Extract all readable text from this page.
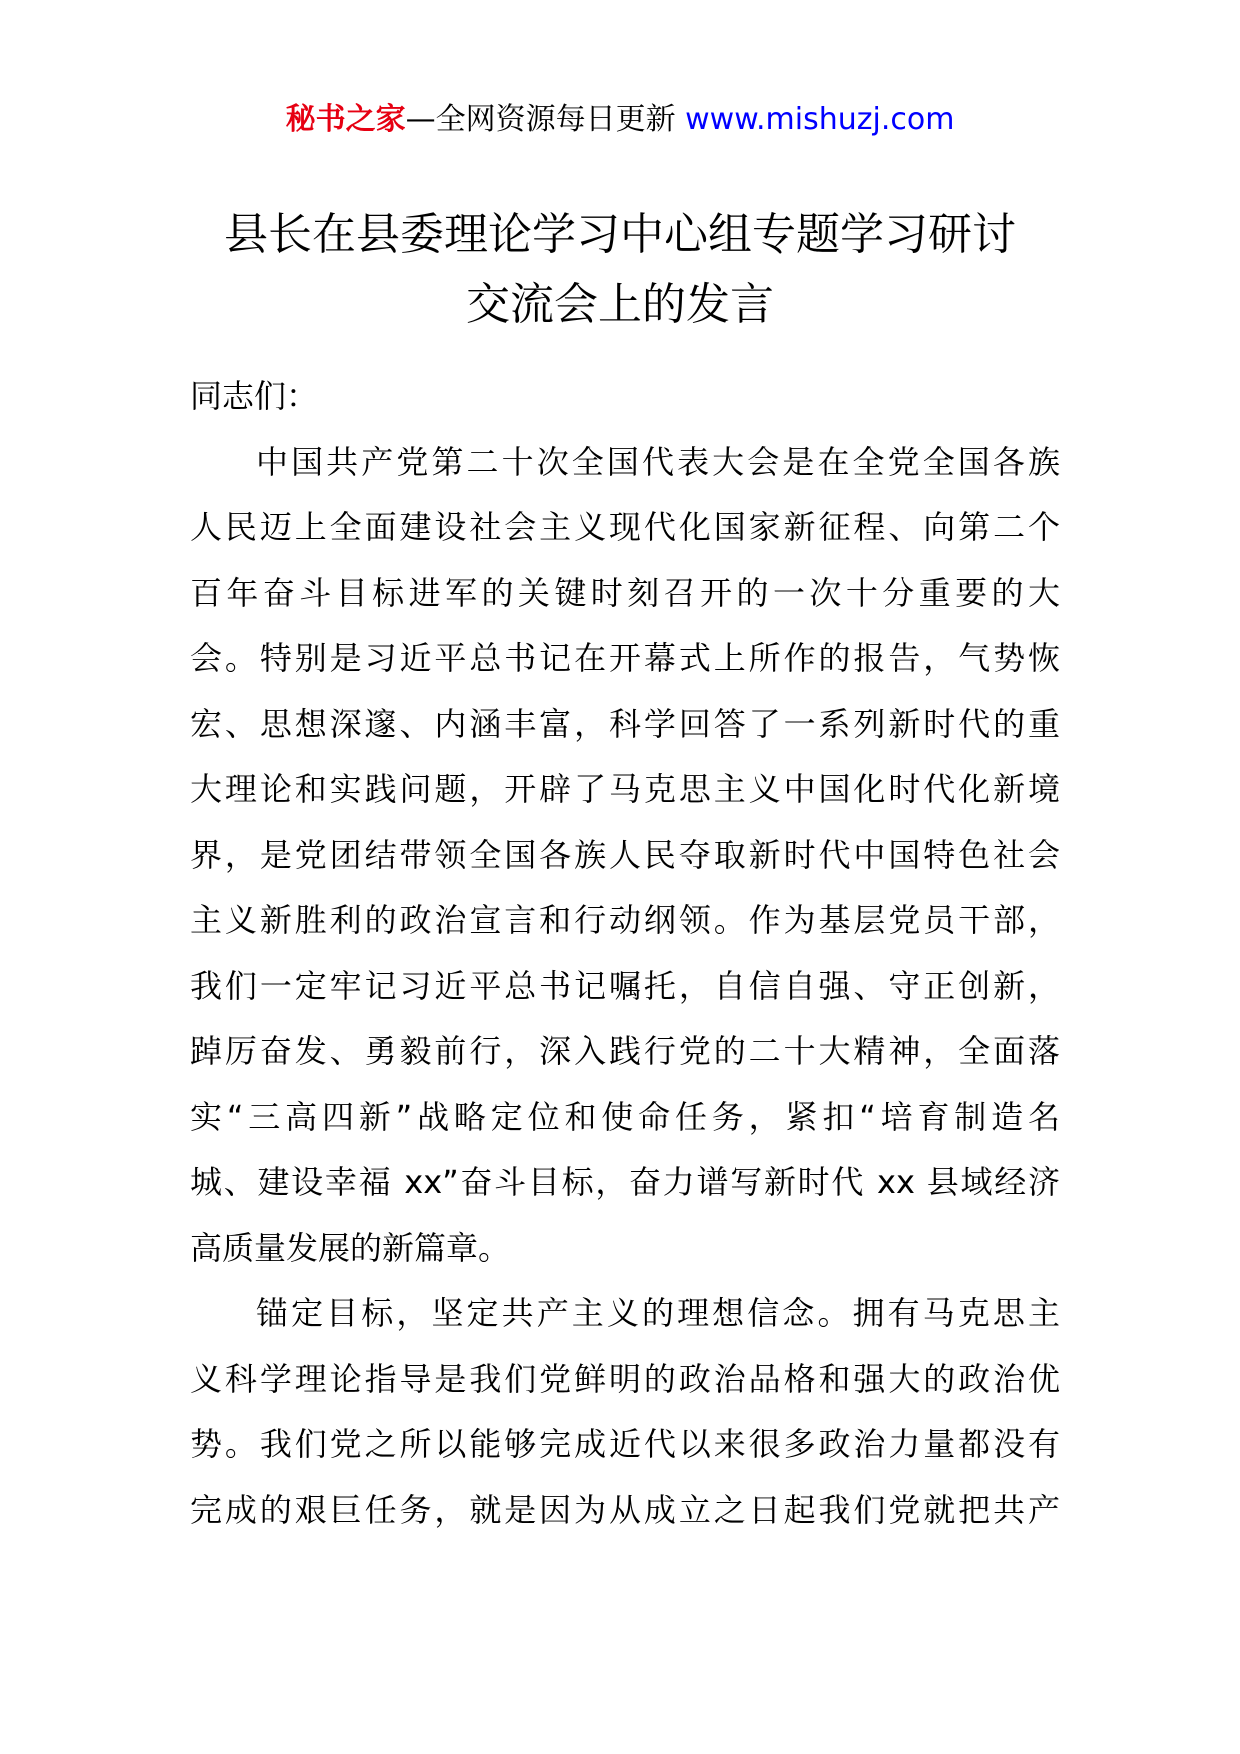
秘书之家—全网资源每日更新 www.mishuzj.com
县长在县委理论学习中心组专题学习研讨
交流会上的发言
同志们：
中国共产党第二十次全国代表大会是在全党全国各族
人民迈上全面建设社会主义现代化国家新征程、向第二个
百年奋斗目标进军的关键时刻召开的一次十分重要的大
会。特别是习近平总书记在开幕式上所作的报告，气势恢
宏、思想深邃、内涵丰富，科学回答了一系列新时代的重
大理论和实践问题，开辟了马克思主义中国化时代化新境
界，是党团结带领全国各族人民夺取新时代中国特色社会
主义新胜利的政治宣言和行动纲领。作为基层党员干部，
我们一定牢记习近平总书记嘱托，自信自强、守正创新，
踔厉奋发、勇毅前行，深入践行党的二十大精神，全面落
实“三高四新”战略定位和使命任务，紧扣“培育制造名
城、建设幸福 xx”奋斗目标，奋力谱写新时代 xx 县域经济
高质量发展的新篇章。
锚定目标，坚定共产主义的理想信念。拥有马克思主
义科学理论指导是我们党鲜明的政治品格和强大的政治优
势。我们党之所以能够完成近代以来很多政治力量都没有
完成的艰巨任务，就是因为从成立之日起我们党就把共产
